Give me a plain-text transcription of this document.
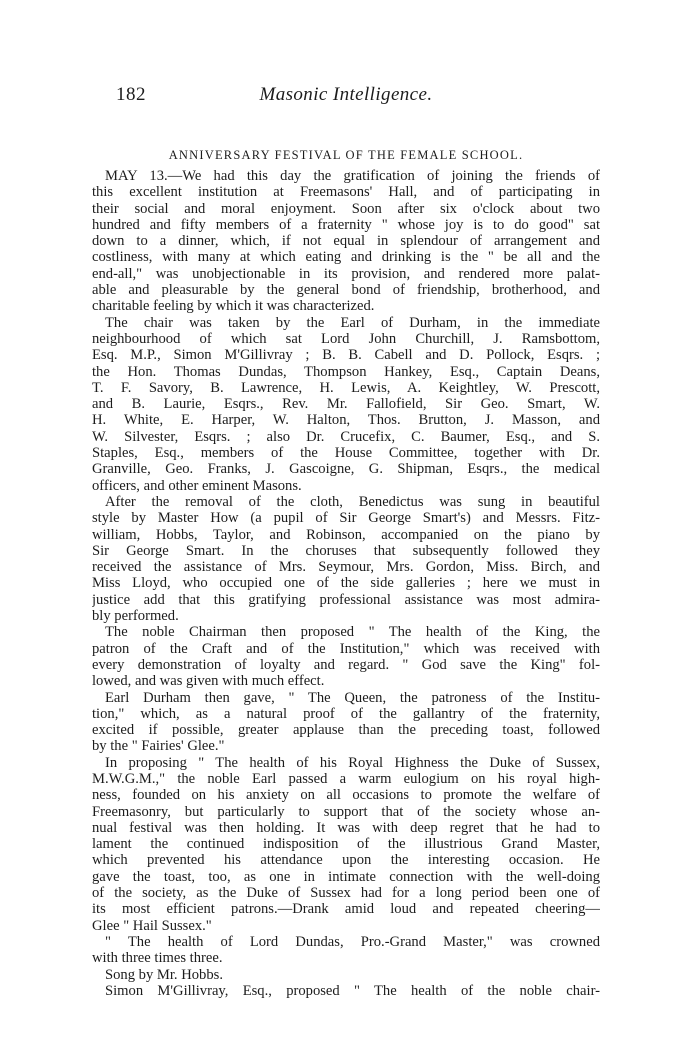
182	Masonic Intelligence.
ANNIVERSARY FESTIVAL OF THE FEMALE SCHOOL.
MAY 13.—We had this day the gratification of joining the friends of
this excellent institution at Freemasons' Hall, and of participating in
their social and moral enjoyment. Soon after six o'clock about two
hundred and fifty members of a fraternity " whose joy is to do good" sat
down to a dinner, which, if not equal in splendour of arrangement and
costliness, with many at which eating and drinking is the " be all and the
end-all," was unobjectionable in its provision, and rendered more palat-
able and pleasurable by the general bond of friendship, brotherhood, and
charitable feeling by which it was characterized.
The chair was taken by the Earl of Durham, in the immediate
neighbourhood of which sat Lord John Churchill, J. Ramsbottom,
Esq. M.P., Simon M'Gillivray ; B. B. Cabell and D. Pollock, Esqrs. ;
the Hon. Thomas Dundas, Thompson Hankey, Esq., Captain Deans,
T. F. Savory, B. Lawrence, H. Lewis, A. Keightley, W. Prescott,
and B. Laurie, Esqrs., Rev. Mr. Fallofield, Sir Geo. Smart, W.
H. White, E. Harper, W. Halton, Thos. Brutton, J. Masson, and
W. Silvester, Esqrs. ; also Dr. Crucefix, C. Baumer, Esq., and S.
Staples, Esq., members of the House Committee, together with Dr.
Granville, Geo. Franks, J. Gascoigne, G. Shipman, Esqrs., the medical
officers, and other eminent Masons.
After the removal of the cloth, Benedictus was sung in beautiful
style by Master How (a pupil of Sir George Smart's) and Messrs. Fitz-
william, Hobbs, Taylor, and Robinson, accompanied on the piano by
Sir George Smart. In the choruses that subsequently followed they
received the assistance of Mrs. Seymour, Mrs. Gordon, Miss. Birch, and
Miss Lloyd, who occupied one of the side galleries ; here we must in
justice add that this gratifying professional assistance was most admira-
bly performed.
The noble Chairman then proposed " The health of the King, the
patron of the Craft and of the Institution," which was received with
every demonstration of loyalty and regard. " God save the King" fol-
lowed, and was given with much effect.
Earl Durham then gave, " The Queen, the patroness of the Institu-
tion," which, as a natural proof of the gallantry of the fraternity,
excited if possible, greater applause than the preceding toast, followed
by the " Fairies' Glee."
In proposing " The health of his Royal Highness the Duke of Sussex,
M.W.G.M.," the noble Earl passed a warm eulogium on his royal high-
ness, founded on his anxiety on all occasions to promote the welfare of
Freemasonry, but particularly to support that of the society whose an-
nual festival was then holding. It was with deep regret that he had to
lament the continued indisposition of the illustrious Grand Master,
which prevented his attendance upon the interesting occasion. He
gave the toast, too, as one in intimate connection with the well-doing
of the society, as the Duke of Sussex had for a long period been one of
its most efficient patrons.—Drank amid loud and repeated cheering—
Glee " Hail Sussex."
" The health of Lord Dundas, Pro.-Grand Master," was crowned
with three times three.
Song by Mr. Hobbs.
Simon M'Gillivray, Esq., proposed " The health of the noble chair-
